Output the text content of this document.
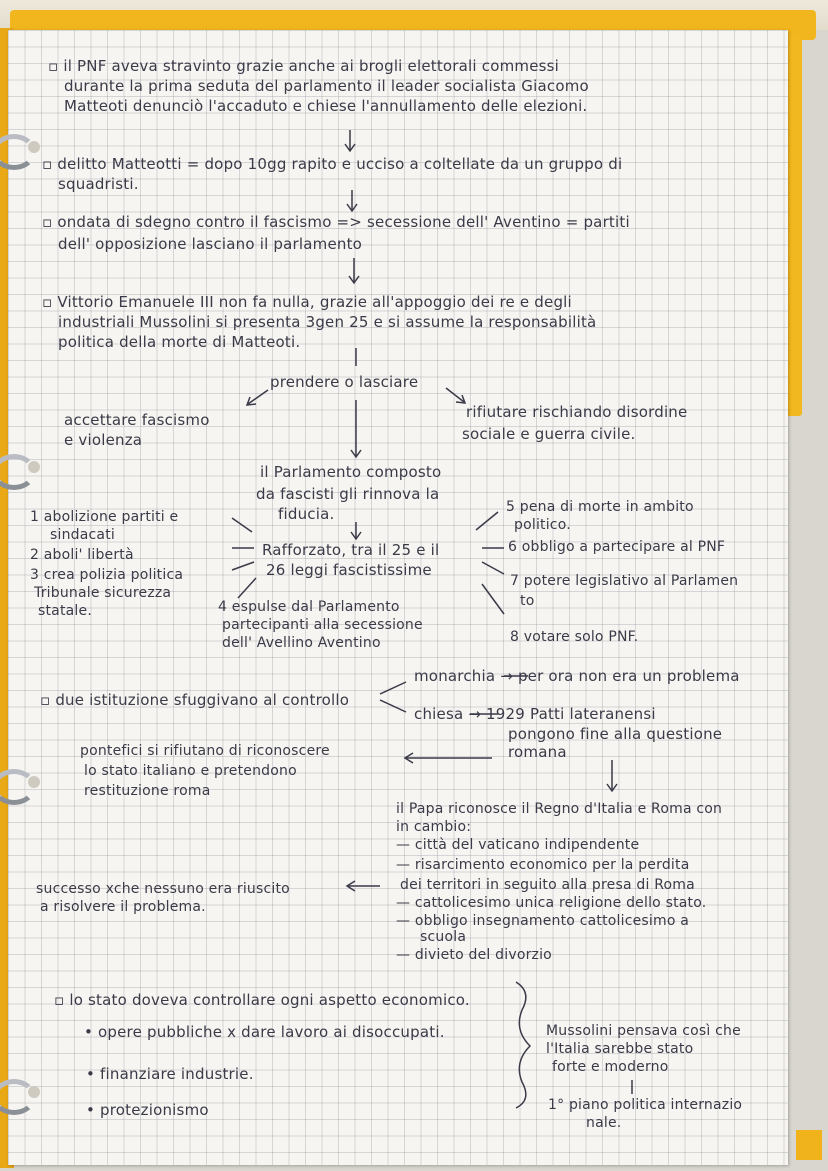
▫ il PNF aveva stravinto grazie anche ai brogli elettorali commessi

durante la prima seduta del parlamento il leader socialista Giacomo

Matteoti denunciò l'accaduto e chiese l'annullamento delle elezioni.

▫ delitto Matteotti = dopo 10gg rapito e ucciso a coltellate da un gruppo di

squadristi.

▫ ondata di sdegno contro il fascismo => secessione dell' Aventino = partiti

dell' opposizione lasciano il parlamento

▫ Vittorio Emanuele III non fa nulla, grazie all'appoggio dei re e degli

industriali Mussolini si presenta 3gen 25 e si assume la responsabilità

politica della morte di Matteoti.

prendere o lasciare

accettare fascismo

e violenza

rifiutare rischiando disordine

sociale e guerra civile.

il Parlamento composto

da fascisti gli rinnova la

fiducia.

1 abolizione partiti e

sindacati

2 aboli' libertà

3 crea polizia politica

Tribunale sicurezza

statale.

Rafforzato, tra il 25 e il

26 leggi fascistissime

5 pena di morte in ambito

politico.

6 obbligo a partecipare al PNF

7 potere legislativo al Parlamen

to

8 votare solo PNF.

4 espulse dal Parlamento

partecipanti alla secessione

dell' Avellino Aventino

monarchia → per ora non era un problema

▫ due istituzione sfuggivano al controllo

chiesa → 1929 Patti lateranensi

pongono fine alla questione

romana

pontefici si rifiutano di riconoscere

lo stato italiano e pretendono

restituzione roma

il Papa riconosce il Regno d'Italia e Roma con

in cambio:

— città del vaticano indipendente

— risarcimento economico per la perdita

dei territori in seguito alla presa di Roma

— cattolicesimo unica religione dello stato.

— obbligo insegnamento cattolicesimo a

scuola

— divieto del divorzio

successo xche nessuno era riuscito

a risolvere il problema.

▫ lo stato doveva controllare ogni aspetto economico.

• opere pubbliche x dare lavoro ai disoccupati.

• finanziare industrie.

• protezionismo

Mussolini pensava così che

l'Italia sarebbe stato

forte e moderno

1° piano politica internazio

nale.
